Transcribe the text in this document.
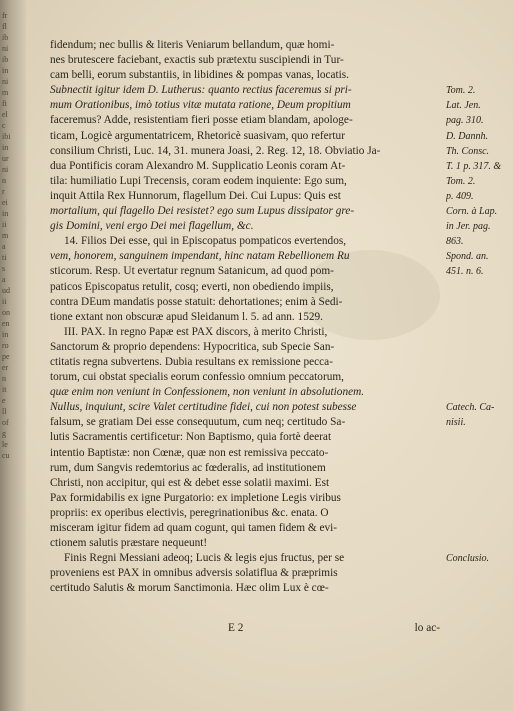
fr
fl
ib
ni
ib
in
ni
m
fi
el
c
ibi
in
ur
ni
n
r
ei
in
ii
m
a
ti
s
a
ud
ii
on
en
in
ro
pe
er
n
it
e
ll
of
g
le
cu
fidendum; nec bullis & literis Veniarum bellandum, quæ homi-
nes brutescere faciebant, exactis sub prætextu suscipiendi in Tur-
cam belli, eorum substantiis, in libidines & pompas vanas, locatis.
Subnectit igitur idem D. Lutherus: quanto rectius faceremus si pri-
mum Orationibus, imò totius vitæ mutata ratione, Deum propitium
faceremus? Adde, resistentiam fieri posse etiam blandam, apologe-
ticam, Logicè argumentatricem, Rhetoricè suasivam, quo refertur
consilium Christi, Luc. 14, 31. munera Joasi, 2. Reg. 12, 18. Obviatio Ja-
dua Pontificis coram Alexandro M. Supplicatio Leonis coram At-
tila: humiliatio Lupi Trecensis, coram eodem inquiente: Ego sum,
inquit Attila Rex Hunnorum, flagellum Dei. Cui Lupus: Quis est
mortalium, qui flagello Dei resistet? ego sum Lupus dissipator gre-
gis Domini, veni ergo Dei mei flagellum, &c.
14. Filios Dei esse, qui in Episcopatus pompaticos evertendos,
vem, honorem, sanguinem impendant, hinc natam Rebellionem Ru
sticorum. Resp. Ut evertatur regnum Satanicum, ad quod pom-
paticos Episcopatus retulit, cosq; everti, non obediendo impiis,
contra DEum mandatis posse statuit: dehortationes; enim à Sedi-
tione extant non obscuræ apud Sleidanum l. 5. ad ann. 1529.
III. PAX. In regno Papæ est PAX discors, à merito Christi,
Sanctorum & proprio dependens: Hypocritica, sub Specie San-
ctitatis regna subvertens. Dubia resultans ex remissione pecca-
torum, cui obstat specialis eorum confessio omnium peccatorum,
quæ enim non veniunt in Confessionem, non veniunt in absolutionem.
Nullus, inquiunt, scire Valet certitudine fidei, cui non potest subesse
falsum, se gratiam Dei esse consequutum, cum neq; certitudo Sa-
lutis Sacramentis certificetur: Non Baptismo, quia fortè deerat
intentio Baptistæ: non Cœnæ, quæ non est remissiva peccato-
rum, dum Sangvis redemtorius ac fœderalis, ad institutionem
Christi, non accipitur, qui est & debet esse solatii maximi. Est
Pax formidabilis ex igne Purgatorio: ex impletione Legis viribus
propriis: ex operibus electivis, peregrinationibus &c. enata. O
misceram igitur fidem ad quam cogunt, qui tamen fidem & evi-
ctionem salutis præstare nequeunt!
Finis Regni Messiani adeoq; Lucis & legis ejus fructus, per se
proveniens est PAX in omnibus adversis solatiflua & præprimis
certitudo Salutis & morum Sanctimonia. Hæc olim Lux è cœ-
Tom. 2.
Lat. Jen.
pag. 310.
D. Dannh.
Th. Consc.
T. 1 p. 317. &
Tom. 2.
p. 409.
Corn. à Lap.
in Jer. pag.
863.
Spond. an.
451. n. 6.
Catech. Ca-
nisii.
Conclusio.
E 2	lo ac-
